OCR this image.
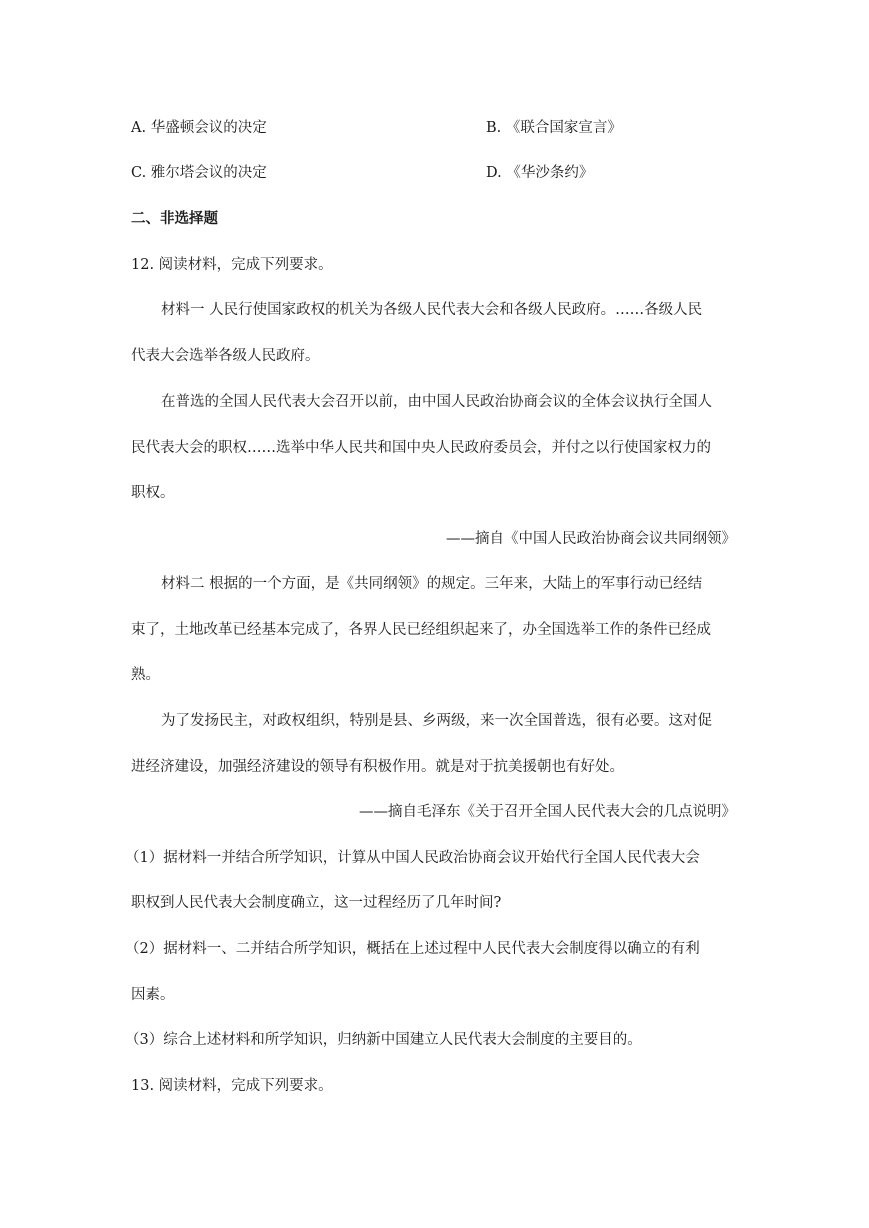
A. 华盛顿会议的决定	B. 《联合国家宣言》
C. 雅尔塔会议的决定	D. 《华沙条约》
二、非选择题
12. 阅读材料，完成下列要求。
材料一 人民行使国家政权的机关为各级人民代表大会和各级人民政府。……各级人民
代表大会选举各级人民政府。
在普选的全国人民代表大会召开以前，由中国人民政治协商会议的全体会议执行全国人
民代表大会的职权……选举中华人民共和国中央人民政府委员会，并付之以行使国家权力的
职权。
——摘自《中国人民政治协商会议共同纲领》
材料二 根据的一个方面，是《共同纲领》的规定。三年来，大陆上的军事行动已经结
束了，土地改革已经基本完成了，各界人民已经组织起来了，办全国选举工作的条件已经成
熟。
为了发扬民主，对政权组织，特别是县、乡两级，来一次全国普选，很有必要。这对促
进经济建设，加强经济建设的领导有积极作用。就是对于抗美援朝也有好处。
——摘自毛泽东《关于召开全国人民代表大会的几点说明》
（1）据材料一并结合所学知识，计算从中国人民政治协商会议开始代行全国人民代表大会
职权到人民代表大会制度确立，这一过程经历了几年时间?
（2）据材料一、二并结合所学知识，概括在上述过程中人民代表大会制度得以确立的有利
因素。
（3）综合上述材料和所学知识，归纳新中国建立人民代表大会制度的主要目的。
13. 阅读材料，完成下列要求。
